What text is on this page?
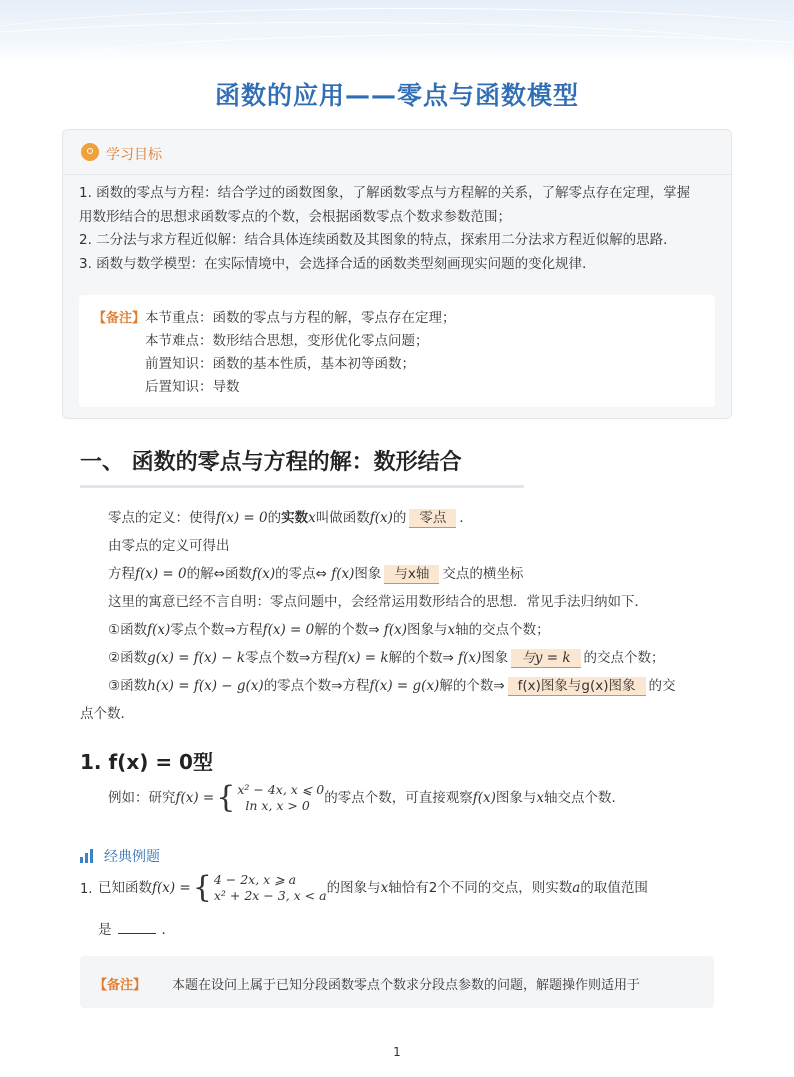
函数的应用——零点与函数模型
学习目标

1. 函数的零点与方程：结合学过的函数图象，了解函数零点与方程解的关系，了解零点存在定理，掌握

用数形结合的思想求函数零点的个数，会根据函数零点个数求参数范围；

2. 二分法与求方程近似解：结合具体连续函数及其图象的特点，探索用二分法求方程近似解的思路．

3. 函数与数学模型：在实际情境中，会选择合适的函数类型刻画现实问题的变化规律．

【备注】 本节重点：函数的零点与方程的解，零点存在定理；

本节难点：数形结合思想，变形优化零点问题；

前置知识：函数的基本性质，基本初等函数；

后置知识：导数

一、 函数的零点与方程的解：数形结合
零点的定义：使得f(x) = 0的实数x叫做函数f(x)的 零点 ．
由零点的定义可得出
方程f(x) = 0的解⇔函数f(x)的零点⇔ f(x)图象 与x轴 交点的横坐标
这里的寓意已经不言自明：零点问题中，会经常运用数形结合的思想．常见手法归纳如下．
①函数f(x)零点个数⇒方程f(x) = 0解的个数⇒ f(x)图象与x轴的交点个数；
②函数g(x) = f(x) − k零点个数⇒方程f(x) = k解的个数⇒ f(x)图象 与y = k 的交点个数；
③函数h(x) = f(x) − g(x)的零点个数⇒方程f(x) = g(x)解的个数⇒ f(x)图象与g(x)图象 的交
点个数．
1. f(x) = 0型
例如：研究f(x) ={ x² − 4x, x ⩽ 0
ln x, x > 0	的零点个数，可直接观察f(x)图象与x轴交点个数．
经典例题
1. 已知函数f(x) ={ 4 − 2x, x ⩾ a
x² + 2x − 3, x < a 的图象与x轴恰有2个不同的交点，则实数a的取值范围
是	．
【备注】 本题在设问上属于已知分段函数零点个数求分段点参数的问题，解题操作则适用于
1
